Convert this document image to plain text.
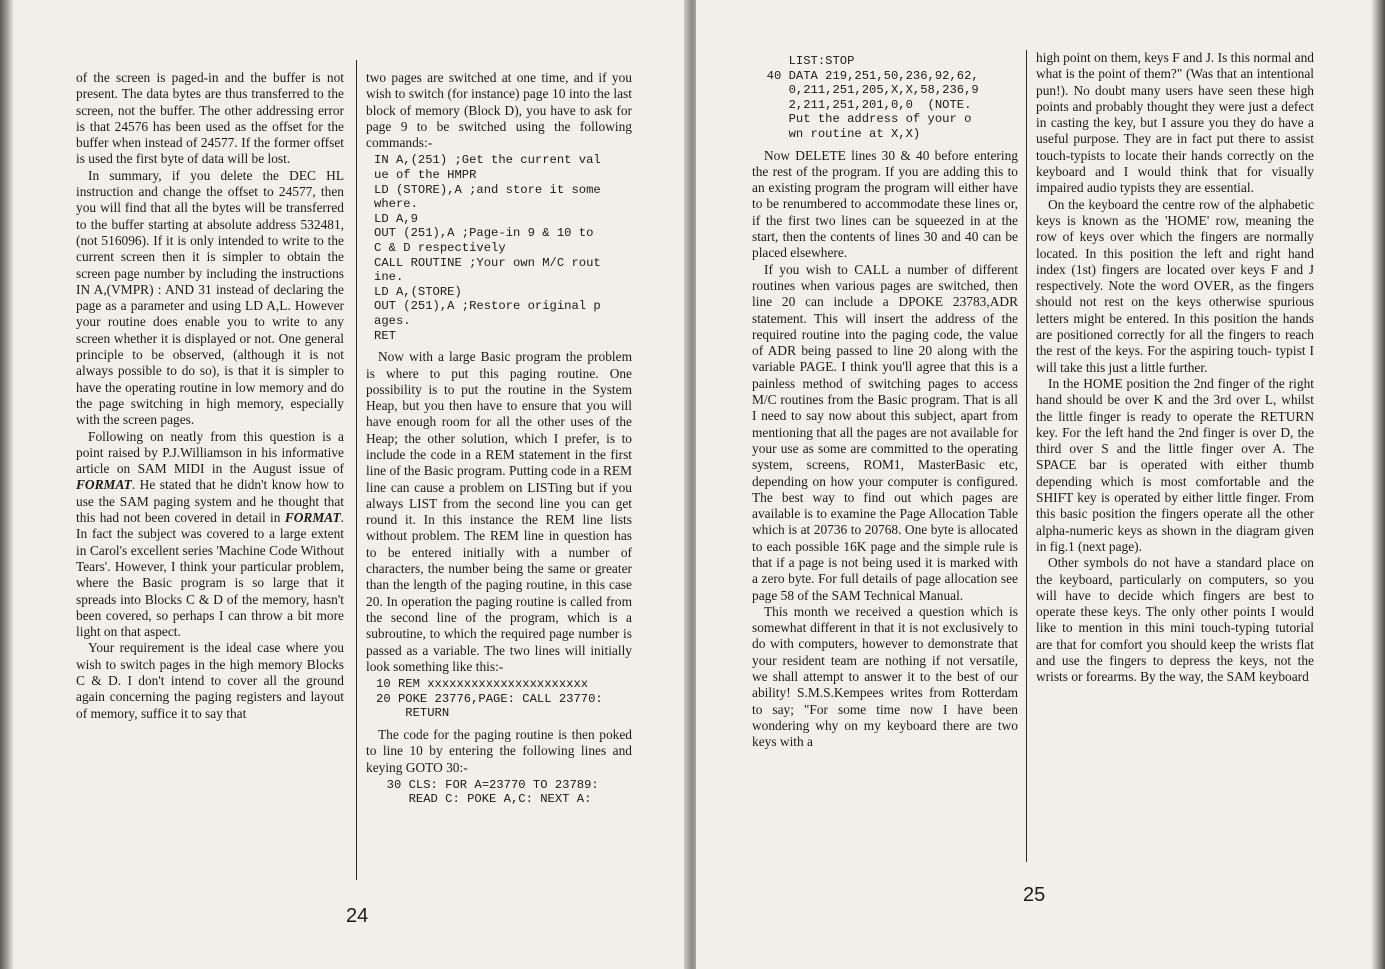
of the screen is paged-in and the buffer is not present. The data bytes are thus transferred to the screen, not the buffer. The other addressing error is that 24576 has been used as the offset for the buffer when instead of 24577. If the former offset is used the first byte of data will be lost.

In summary, if you delete the DEC HL instruction and change the offset to 24577, then you will find that all the bytes will be transferred to the buffer starting at absolute address 532481, (not 516096). If it is only intended to write to the current screen then it is simpler to obtain the screen page number by including the instructions IN A,(VMPR) : AND 31 instead of declaring the page as a parameter and using LD A,L. However your routine does enable you to write to any screen whether it is displayed or not. One general principle to be observed, (although it is not always possible to do so), is that it is simpler to have the operating routine in low memory and do the page switching in high memory, especially with the screen pages.

Following on neatly from this question is a point raised by P.J.Williamson in his informative article on SAM MIDI in the August issue of FORMAT. He stated that he didn't know how to use the SAM paging system and he thought that this had not been covered in detail in FORMAT. In fact the subject was covered to a large extent in Carol's excellent series 'Machine Code Without Tears'. However, I think your particular problem, where the Basic program is so large that it spreads into Blocks C & D of the memory, hasn't been covered, so perhaps I can throw a bit more light on that aspect.

Your requirement is the ideal case where you wish to switch pages in the high memory Blocks C & D. I don't intend to cover all the ground again concerning the paging registers and layout of memory, suffice it to say that

two pages are switched at one time, and if you wish to switch (for instance) page 10 into the last block of memory (Block D), you have to ask for page 9 to be switched using the following commands:-

IN A,(251) ;Get the current val
ue of the HMPR
LD (STORE),A ;and store it some
where.
LD A,9
OUT (251),A ;Page-in 9 & 10 to
C & D respectively
CALL ROUTINE ;Your own M/C rout
ine.
LD A,(STORE)
OUT (251),A ;Restore original p
ages.
RET

Now with a large Basic program the problem is where to put this paging routine. One possibility is to put the routine in the System Heap, but you then have to ensure that you will have enough room for all the other uses of the Heap; the other solution, which I prefer, is to include the code in a REM statement in the first line of the Basic program. Putting code in a REM line can cause a problem on LISTing but if you always LIST from the second line you can get round it. In this instance the REM line lists without problem. The REM line in question has to be entered initially with a number of characters, the number being the same or greater than the length of the paging routine, in this case 20. In operation the paging routine is called from the second line of the program, which is a subroutine, to which the required page number is passed as a variable. The two lines will initially look something like this:-

10 REM xxxxxxxxxxxxxxxxxxxxxx
20 POKE 23776,PAGE: CALL 23770:
RETURN

The code for the paging routine is then poked to line 10 by entering the following lines and keying GOTO 30:-

30 CLS: FOR A=23770 TO 23789:
READ C: POKE A,C: NEXT A:
24
LIST:STOP
40 DATA 219,251,50,236,92,62,
0,211,251,205,X,X,58,236,9
2,211,251,201,0,0  (NOTE.
Put the address of your o
wn routine at X,X)

Now DELETE lines 30 & 40 before entering the rest of the program. If you are adding this to an existing program the program will either have to be renumbered to accommodate these lines or, if the first two lines can be squeezed in at the start, then the contents of lines 30 and 40 can be placed elsewhere.

If you wish to CALL a number of different routines when various pages are switched, then line 20 can include a DPOKE 23783,ADR statement. This will insert the address of the required routine into the paging code, the value of ADR being passed to line 20 along with the variable PAGE. I think you'll agree that this is a painless method of switching pages to access M/C routines from the Basic program. That is all I need to say now about this subject, apart from mentioning that all the pages are not available for your use as some are committed to the operating system, screens, ROM1, MasterBasic etc, depending on how your computer is configured. The best way to find out which pages are available is to examine the Page Allocation Table which is at 20736 to 20768. One byte is allocated to each possible 16K page and the simple rule is that if a page is not being used it is marked with a zero byte. For full details of page allocation see page 58 of the SAM Technical Manual.

This month we received a question which is somewhat different in that it is not exclusively to do with computers, however to demonstrate that your resident team are nothing if not versatile, we shall attempt to answer it to the best of our ability! S.M.S.Kempees writes from Rotterdam to say; "For some time now I have been wondering why on my keyboard there are two keys with a

high point on them, keys F and J. Is this normal and what is the point of them?" (Was that an intentional pun!). No doubt many users have seen these high points and probably thought they were just a defect in casting the key, but I assure you they do have a useful purpose. They are in fact put there to assist touch-typists to locate their hands correctly on the keyboard and I would think that for visually impaired audio typists they are essential.

On the keyboard the centre row of the alphabetic keys is known as the 'HOME' row, meaning the row of keys over which the fingers are normally located. In this position the left and right hand index (1st) fingers are located over keys F and J respectively. Note the word OVER, as the fingers should not rest on the keys otherwise spurious letters might be entered. In this position the hands are positioned correctly for all the fingers to reach the rest of the keys. For the aspiring touch- typist I will take this just a little further.

In the HOME position the 2nd finger of the right hand should be over K and the 3rd over L, whilst the little finger is ready to operate the RETURN key. For the left hand the 2nd finger is over D, the third over S and the little finger over A. The SPACE bar is operated with either thumb depending which is most comfortable and the SHIFT key is operated by either little finger. From this basic position the fingers operate all the other alpha-numeric keys as shown in the diagram given in fig.1 (next page).

Other symbols do not have a standard place on the keyboard, particularly on computers, so you will have to decide which fingers are best to operate these keys. The only other points I would like to mention in this mini touch-typing tutorial are that for comfort you should keep the wrists flat and use the fingers to depress the keys, not the wrists or forearms. By the way, the SAM keyboard

25
